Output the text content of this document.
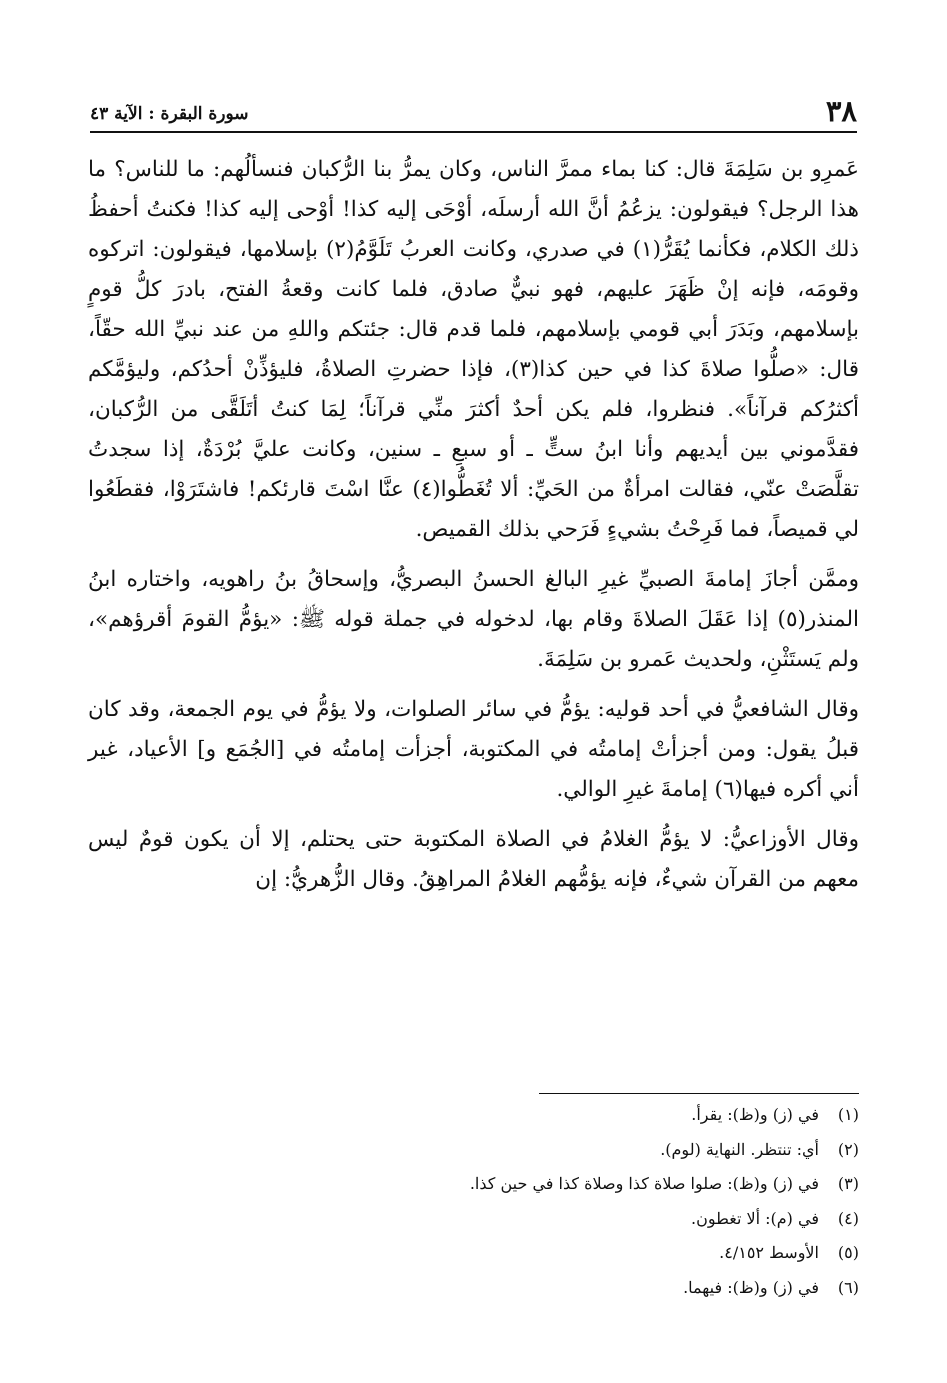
٣٨
سورة البقرة : الآية ٤٣

عَمرِو بن سَلِمَةَ قال: كنا بماء ممرَّ الناس، وكان يمرُّ بنا الرُّكبان فنسألُهم: ما للناس؟ ما هذا الرجل؟ فيقولون: يزعُمُ أنَّ الله أرسلَه، أوْحَى إليه كذا! أوْحى إليه كذا! فكنتُ أحفظُ ذلك الكلام، فكأنما يُقَرُّ(١) في صدري، وكانت العربُ تَلَوَّمُ(٢) بإسلامها، فيقولون: اتركوه وقومَه، فإنه إنْ ظَهَرَ عليهم، فهو نبيٌّ صادق، فلما كانت وقعةُ الفتح، بادرَ كلُّ قومٍ بإسلامهم، وبَدَرَ أبي قومي بإسلامهم، فلما قدم قال: جئتكم واللهِ من عند نبيِّ الله حقّاً، قال: «صلُّوا صلاةَ كذا في حين كذا(٣)، فإذا حضرتِ الصلاةُ، فليؤذِّنْ أحدُكم، وليؤمَّكم أكثرُكم قرآناً». فنظروا، فلم يكن أحدٌ أكثرَ منِّي قرآناً؛ لِمَا كنتُ أتَلَقَّى من الرُّكبان، فقدَّموني بين أيديهم وأنا ابنُ ستٍّ ـ أو سبعِ ـ سنين، وكانت عليَّ بُرْدَةٌ، إذا سجدتُ تقلَّصَتْ عنّي، فقالت امرأةٌ من الحَيِّ: ألا تُغَطُّوا(٤) عنَّا اسْتَ قارئكم! فاشتَرَوْا، فقطَعُوا لي قميصاً، فما فَرِحْتُ بشيءٍ فَرَحي بذلك القميص.

وممَّن أجازَ إمامةَ الصبيِّ غيرِ البالغ الحسنُ البصريُّ، وإسحاقُ بنُ راهويه، واختاره ابنُ المنذر(٥) إذا عَقَلَ الصلاةَ وقام بها، لدخوله في جملة قوله ﷺ: «يؤمُّ القومَ أقرؤهم»، ولم يَستَثْنِ، ولحديث عَمرو بن سَلِمَةَ.

وقال الشافعيُّ في أحد قوليه: يؤمُّ في سائر الصلوات، ولا يؤمُّ في يوم الجمعة، وقد كان قبلُ يقول: ومن أجزأتْ إمامتُه في المكتوبة، أجزأت إمامتُه في [الجُمَع و] الأعياد، غير أني أكره فيها(٦) إمامةَ غيرِ الوالي.

وقال الأوزاعيُّ: لا يؤمُّ الغلامُ في الصلاة المكتوبة حتى يحتلم، إلا أن يكون قومٌ ليس معهم من القرآن شيءٌ، فإنه يؤمُّهم الغلامُ المراهِقُ. وقال الزُّهريُّ: إن

(١)في (ز) و(ظ): يقرأ.
(٢)أي: تنتظر. النهاية (لوم).
(٣)في (ز) و(ظ): صلوا صلاة كذا وصلاة كذا في حين كذا.
(٤)في (م): ألا تغطون.
(٥)الأوسط ٤/١٥٢.
(٦)في (ز) و(ظ): فيهما.
